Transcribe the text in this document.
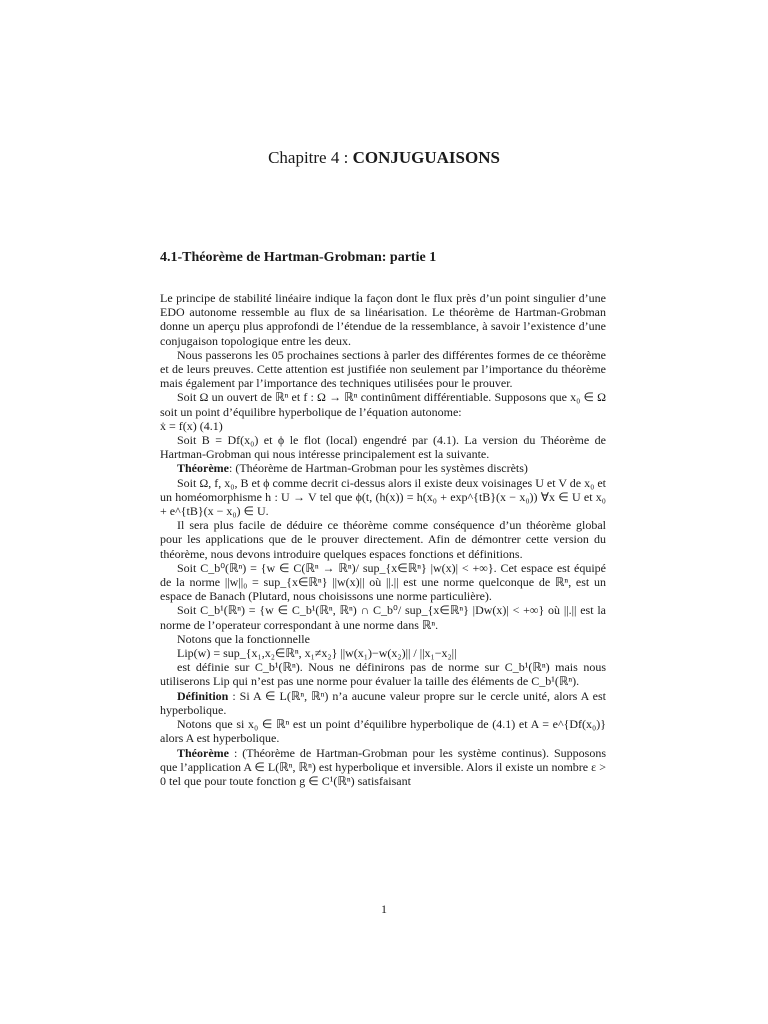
Chapitre 4 : CONJUGUAISONS
4.1-Théorème de Hartman-Grobman: partie 1

Le principe de stabilité linéaire indique la façon dont le flux près d’un point singulier d’une EDO autonome ressemble au flux de sa linéarisation. Le théorème de Hartman-Grobman donne un aperçu plus approfondi de l’étendue de la ressemblance, à savoir l’existence d’une conjugaison topologique entre les deux.

Nous passerons les 05 prochaines sections à parler des différentes formes de ce théorème et de leurs preuves. Cette attention est justifiée non seulement par l’importance du théorème mais également par l’importance des techniques utilisées pour le prouver.

Soit Ω un ouvert de ℝⁿ et f : Ω → ℝⁿ continûment différentiable. Supposons que x₀ ∈ Ω soit un point d’équilibre hyperbolique de l’équation autonome:

ẋ = f(x) (4.1)

Soit B = Df(x₀) et ϕ le flot (local) engendré par (4.1). La version du Théorème de Hartman-Grobman qui nous intéresse principalement est la suivante.

Théorème: (Théorème de Hartman-Grobman pour les systèmes discrèts)

Soit Ω, f, x₀, B et ϕ comme decrit ci-dessus alors il existe deux voisinages U et V de x₀ et un homéomorphisme h : U → V tel que ϕ(t, (h(x)) = h(x₀ + exp^{tB}(x − x₀)) ∀x ∈ U et x₀ + e^{tB}(x − x₀) ∈ U.

Il sera plus facile de déduire ce théorème comme conséquence d’un théorème global pour les applications que de le prouver directement. Afin de démontrer cette version du théorème, nous devons introduire quelques espaces fonctions et définitions.

Soit C_b⁰(ℝⁿ) = {w ∈ C(ℝⁿ → ℝⁿ)/ sup_{x∈ℝⁿ} |w(x)| < +∞}. Cet espace est équipé de la norme ||w||₀ = sup_{x∈ℝⁿ} ||w(x)|| où ||.|| est une norme quelconque de ℝⁿ, est un espace de Banach (Plutard, nous choisissons une norme particulière).

Soit C_b¹(ℝⁿ) = {w ∈ C_b¹(ℝⁿ, ℝⁿ) ∩ C_b⁰/ sup_{x∈ℝⁿ} |Dw(x)| < +∞} où ||.|| est la norme de l’operateur correspondant à une norme dans ℝⁿ.

Notons que la fonctionnelle

Lip(w) = sup_{x₁,x₂∈ℝⁿ, x₁≠x₂} ||w(x₁)−w(x₂)|| / ||x₁−x₂||

est définie sur C_b¹(ℝⁿ). Nous ne définirons pas de norme sur C_b¹(ℝⁿ) mais nous utiliserons Lip qui n’est pas une norme pour évaluer la taille des éléments de C_b¹(ℝⁿ).

Définition : Si A ∈ L(ℝⁿ, ℝⁿ) n’a aucune valeur propre sur le cercle unité, alors A est hyperbolique.

Notons que si x₀ ∈ ℝⁿ est un point d’équilibre hyperbolique de (4.1) et A = e^{Df(x₀)} alors A est hyperbolique.

Théorème : (Théorème de Hartman-Grobman pour les système continus). Supposons que l’application A ∈ L(ℝⁿ, ℝⁿ) est hyperbolique et inversible. Alors il existe un nombre ε > 0 tel que pour toute fonction g ∈ C¹(ℝⁿ) satisfaisant

1
